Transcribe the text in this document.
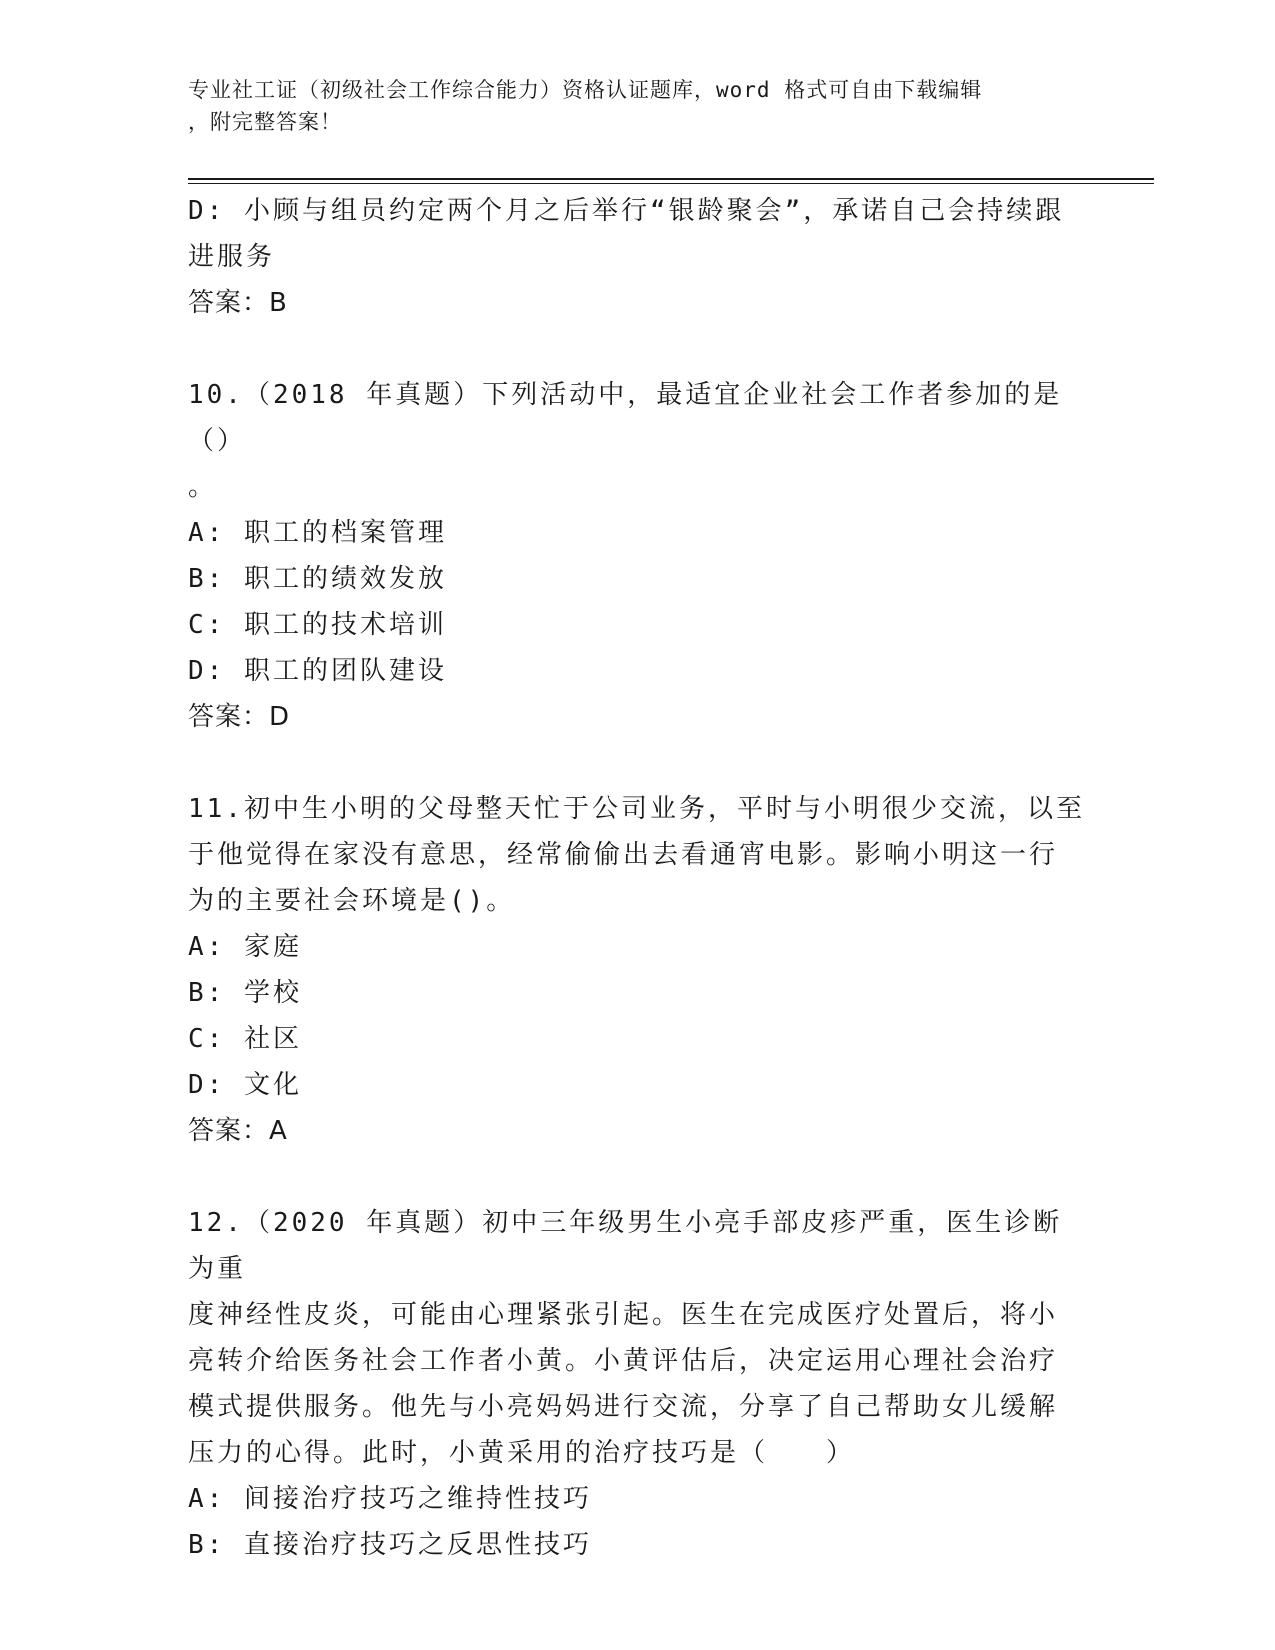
专业社工证（初级社会工作综合能力）资格认证题库，word 格式可自由下载编辑
，附完整答案！
D: 小顾与组员约定两个月之后举行“银龄聚会”，承诺自己会持续跟
进服务
答案：B
10.（2018 年真题）下列活动中，最适宜企业社会工作者参加的是（）
。
A: 职工的档案管理
B: 职工的绩效发放
C: 职工的技术培训
D: 职工的团队建设
答案：D
11.初中生小明的父母整天忙于公司业务，平时与小明很少交流，以至
于他觉得在家没有意思，经常偷偷出去看通宵电影。影响小明这一行
为的主要社会环境是()。
A: 家庭
B: 学校
C: 社区
D: 文化
答案：A
12.（2020 年真题）初中三年级男生小亮手部皮疹严重，医生诊断为重
度神经性皮炎，可能由心理紧张引起。医生在完成医疗处置后，将小
亮转介给医务社会工作者小黄。小黄评估后，决定运用心理社会治疗
模式提供服务。他先与小亮妈妈进行交流，分享了自己帮助女儿缓解
压力的心得。此时，小黄采用的治疗技巧是（　　）
A: 间接治疗技巧之维持性技巧
B: 直接治疗技巧之反思性技巧
